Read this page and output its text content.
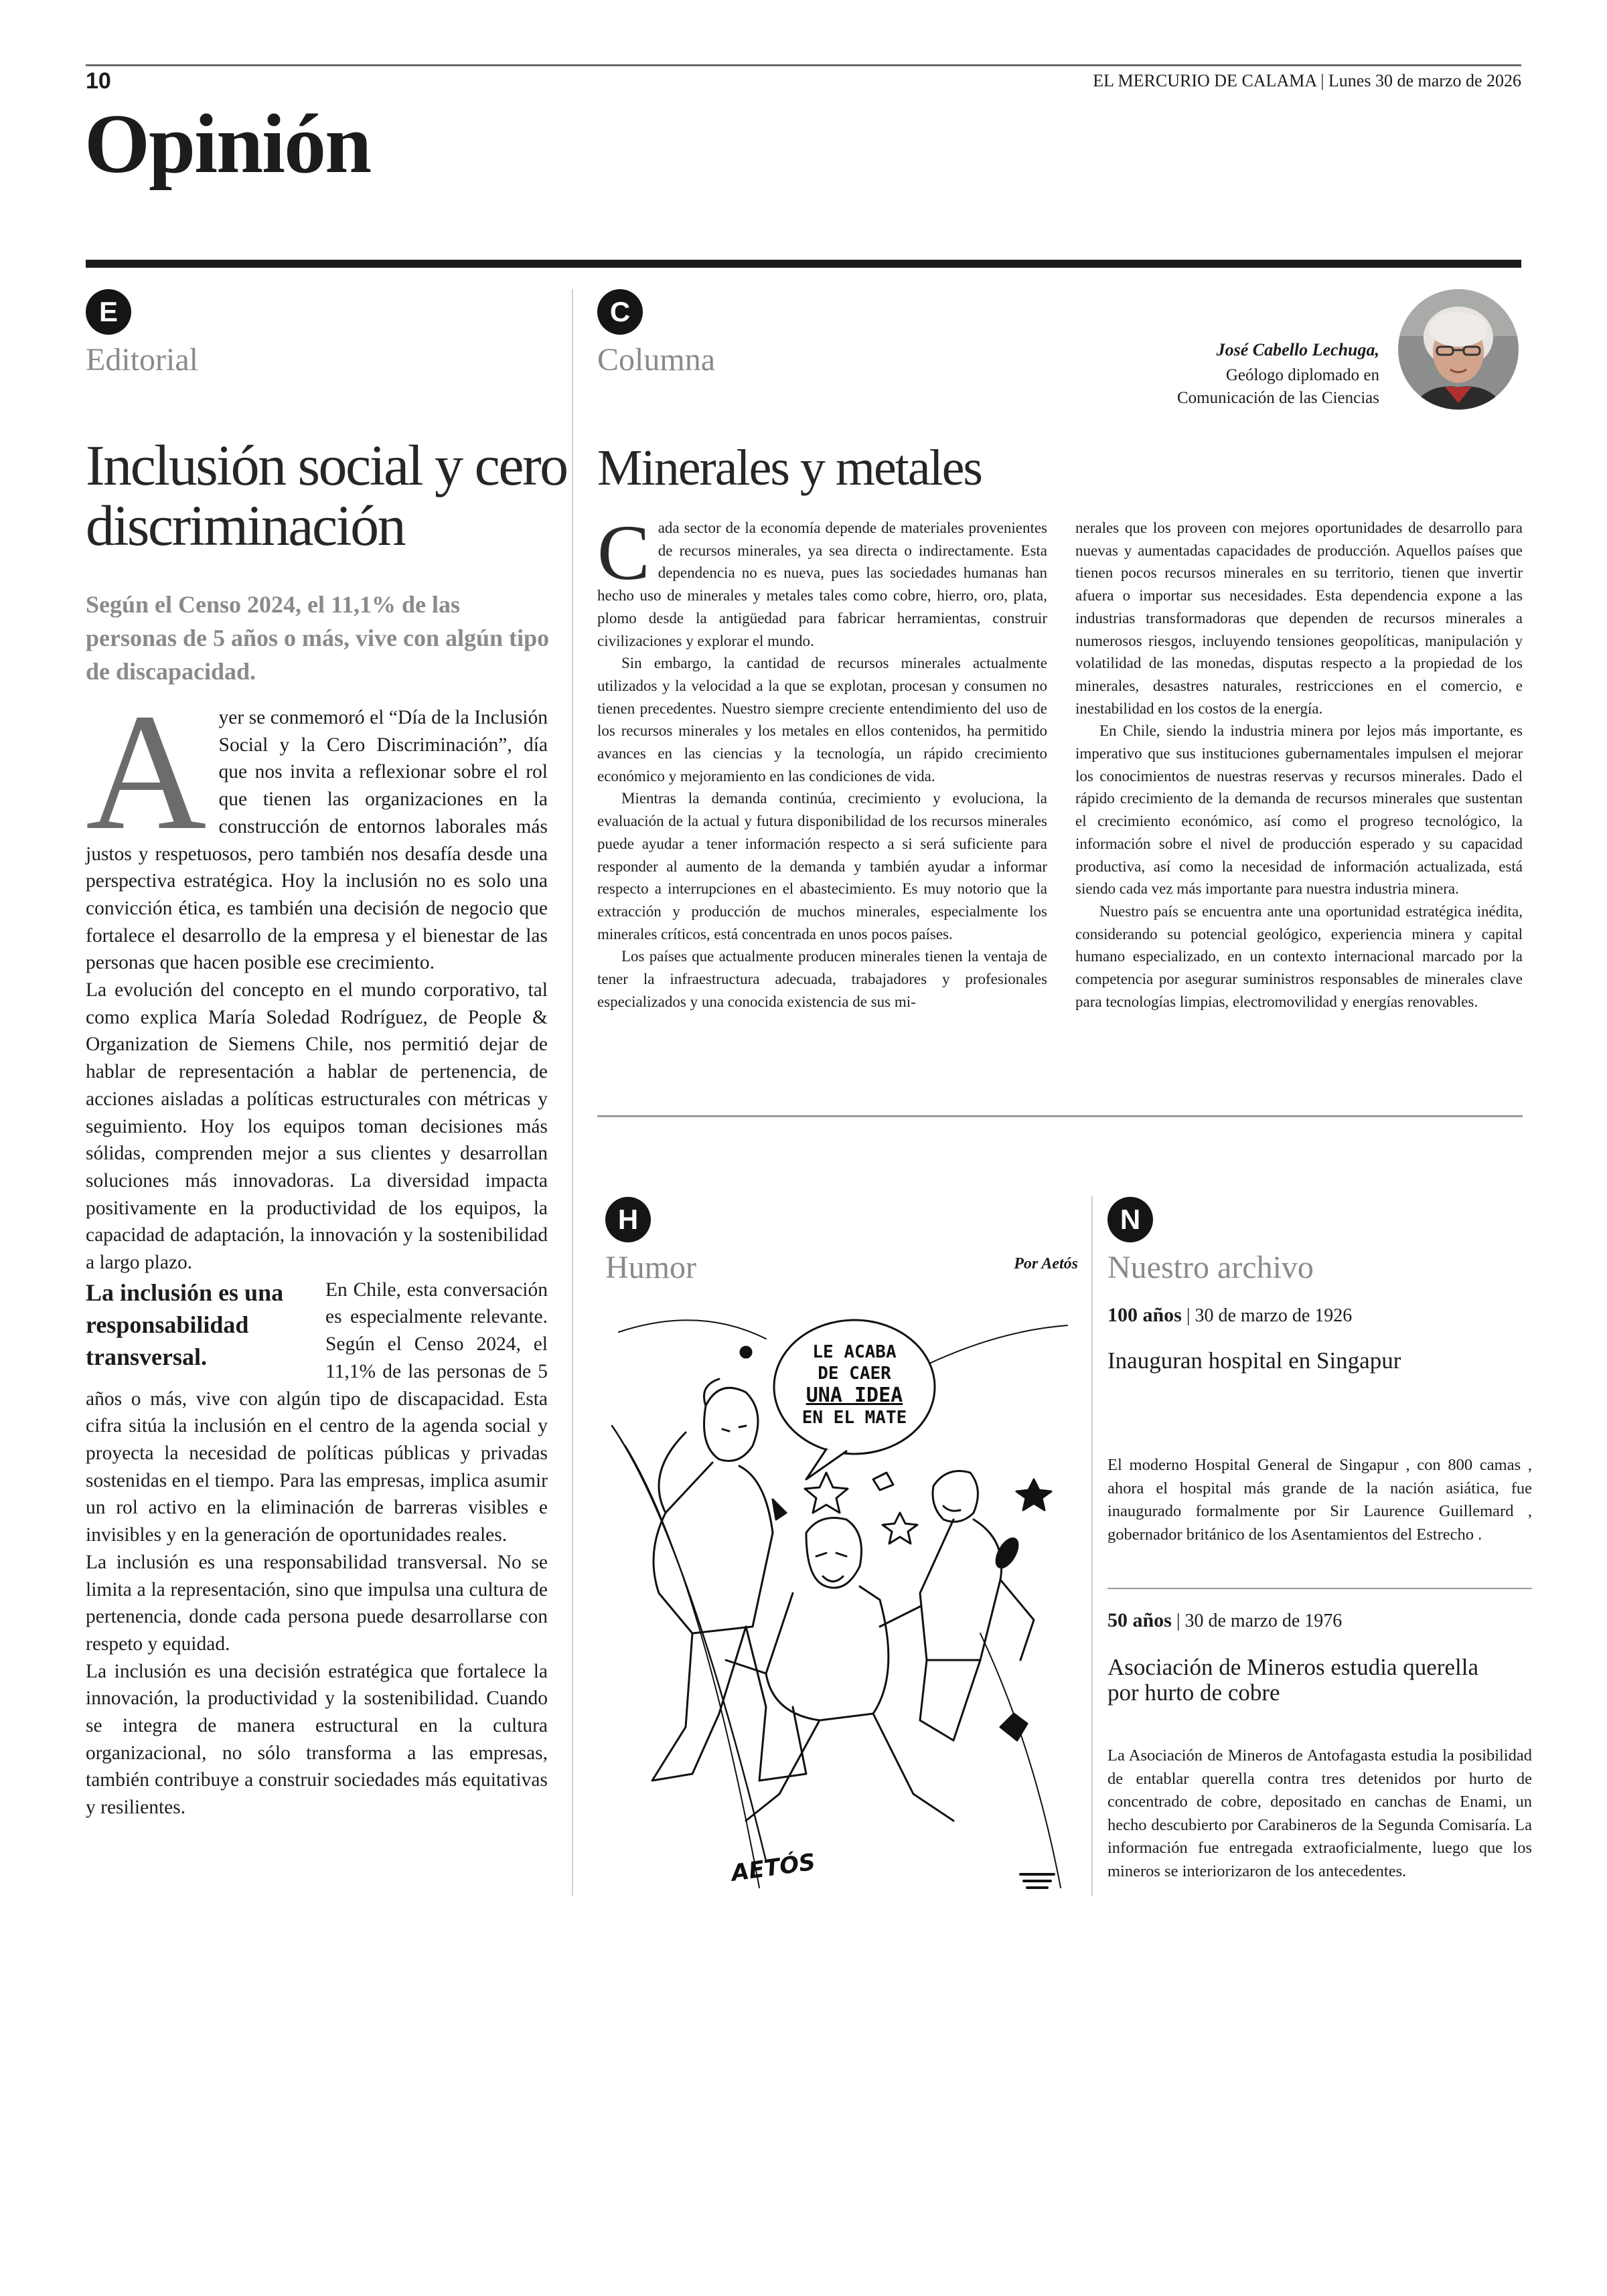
10	EL MERCURIO DE CALAMA | Lunes 30 de marzo de 2026
Opinión
E
Editorial
Inclusión social y cero discriminación
Según el Censo 2024, el 11,1% de las personas de 5 años o más, vive con algún tipo de discapacidad.

Ayer se conmemoró el “Día de la Inclusión Social y la Cero Discriminación”, día que nos invita a reflexionar sobre el rol que tienen las organizaciones en la construcción de entornos laborales más justos y respetuosos, pero también nos desafía desde una perspectiva estratégica. Hoy la inclusión no es solo una convicción ética, es también una decisión de negocio que fortalece el desarrollo de la empresa y el bienestar de las personas que hacen posible ese crecimiento.

La evolución del concepto en el mundo corporativo, tal como explica María Soledad Rodríguez, de People & Organization de Siemens Chile, nos permitió dejar de hablar de representación a hablar de pertenencia, de acciones aisladas a políticas estructurales con métricas y seguimiento. Hoy los equipos toman decisiones más sólidas, comprenden mejor a sus clientes y desarrollan soluciones más innovadoras. La diversidad impacta positivamente en la productividad de los equipos, la capacidad de adaptación, la innovación y la sostenibilidad a largo plazo.

La inclusión es una responsabilidad transversal.
En Chile, esta conversación es especialmente relevante. Según el Censo 2024, el 11,1% de las personas de 5 años o más, vive con algún tipo de discapacidad. Esta cifra sitúa la inclusión en el centro de la agenda social y proyecta la necesidad de políticas públicas y privadas sostenidas en el tiempo. Para las empresas, implica asumir un rol activo en la eliminación de barreras visibles e invisibles y en la generación de oportunidades reales.

La inclusión es una responsabilidad transversal. No se limita a la representación, sino que impulsa una cultura de pertenencia, donde cada persona puede desarrollarse con respeto y equidad.

La inclusión es una decisión estratégica que fortalece la innovación, la productividad y la sostenibilidad. Cuando se integra de manera estructural en la cultura organizacional, no sólo transforma a las empresas, también contribuye a construir sociedades más equitativas y resilientes.

C
Columna	José Cabello Lechuga,
Geólogo diplomado en
Comunicación de las Ciencias
Minerales y metales

Cada sector de la economía depende de materiales provenientes de recursos minerales, ya sea directa o indirectamente. Esta dependencia no es nueva, pues las sociedades humanas han hecho uso de minerales y metales tales como cobre, hierro, oro, plata, plomo desde la antigüedad para fabricar herramientas, construir civilizaciones y explorar el mundo.

Sin embargo, la cantidad de recursos minerales actualmente utilizados y la velocidad a la que se explotan, procesan y consumen no tienen precedentes. Nuestro siempre creciente entendimiento del uso de los recursos minerales y los metales en ellos contenidos, ha permitido avances en las ciencias y la tecnología, un rápido crecimiento económico y mejoramiento en las condiciones de vida.

Mientras la demanda continúa, crecimiento y evoluciona, la evaluación de la actual y futura disponibilidad de los recursos minerales puede ayudar a tener información respecto a si será suficiente para responder al aumento de la demanda y también ayudar a informar respecto a interrupciones en el abastecimiento. Es muy notorio que la extracción y producción de muchos minerales, especialmente los minerales críticos, está concentrada en unos pocos países.

Los países que actualmente producen minerales tienen la ventaja de tener la infraestructura adecuada, trabajadores y profesionales especializados y una conocida existencia de sus mi-

nerales que los proveen con mejores oportunidades de desarrollo para nuevas y aumentadas capacidades de producción. Aquellos países que tienen pocos recursos minerales en su territorio, tienen que invertir afuera o importar sus necesidades. Esta dependencia expone a las industrias transformadoras que dependen de recursos minerales a numerosos riesgos, incluyendo tensiones geopolíticas, manipulación y volatilidad de las monedas, disputas respecto a la propiedad de los minerales, desastres naturales, restricciones en el comercio, e inestabilidad en los costos de la energía.

En Chile, siendo la industria minera por lejos más importante, es imperativo que sus instituciones gubernamentales impulsen el mejorar los conocimientos de nuestras reservas y recursos minerales. Dado el rápido crecimiento de la demanda de recursos minerales que sustentan el crecimiento económico, así como el progreso tecnológico, la información sobre el nivel de producción esperado y su capacidad productiva, así como la necesidad de información actualizada, está siendo cada vez más importante para nuestra industria minera.

Nuestro país se encuentra ante una oportunidad estratégica inédita, considerando su potencial geológico, experiencia minera y capital humano especializado, en un contexto internacional marcado por la competencia por asegurar suministros responsables de minerales clave para tecnologías limpias, electromovilidad y energías renovables.

H
Humor	Por Aetós
LE ACABA
DE CAER
UNA IDEA
EN EL MATE
AETÓS
N
Nuestro archivo
100 años | 30 de marzo de 1926
Inauguran hospital en Singapur
El moderno Hospital General de Singapur , con 800 camas , ahora el hospital más grande de la nación asiática, fue inaugurado formalmente por Sir Laurence Guillemard , gobernador británico de los Asentamientos del Estrecho .
50 años | 30 de marzo de 1976
Asociación de Mineros estudia querella por hurto de cobre
La Asociación de Mineros de Antofagasta estudia la posibilidad de entablar querella contra tres detenidos por hurto de concentrado de cobre, depositado en canchas de Enami, un hecho descubierto por Carabineros de la Segunda Comisaría. La información fue entregada extraoficialmente, luego que los mineros se interiorizaron de los antecedentes.
